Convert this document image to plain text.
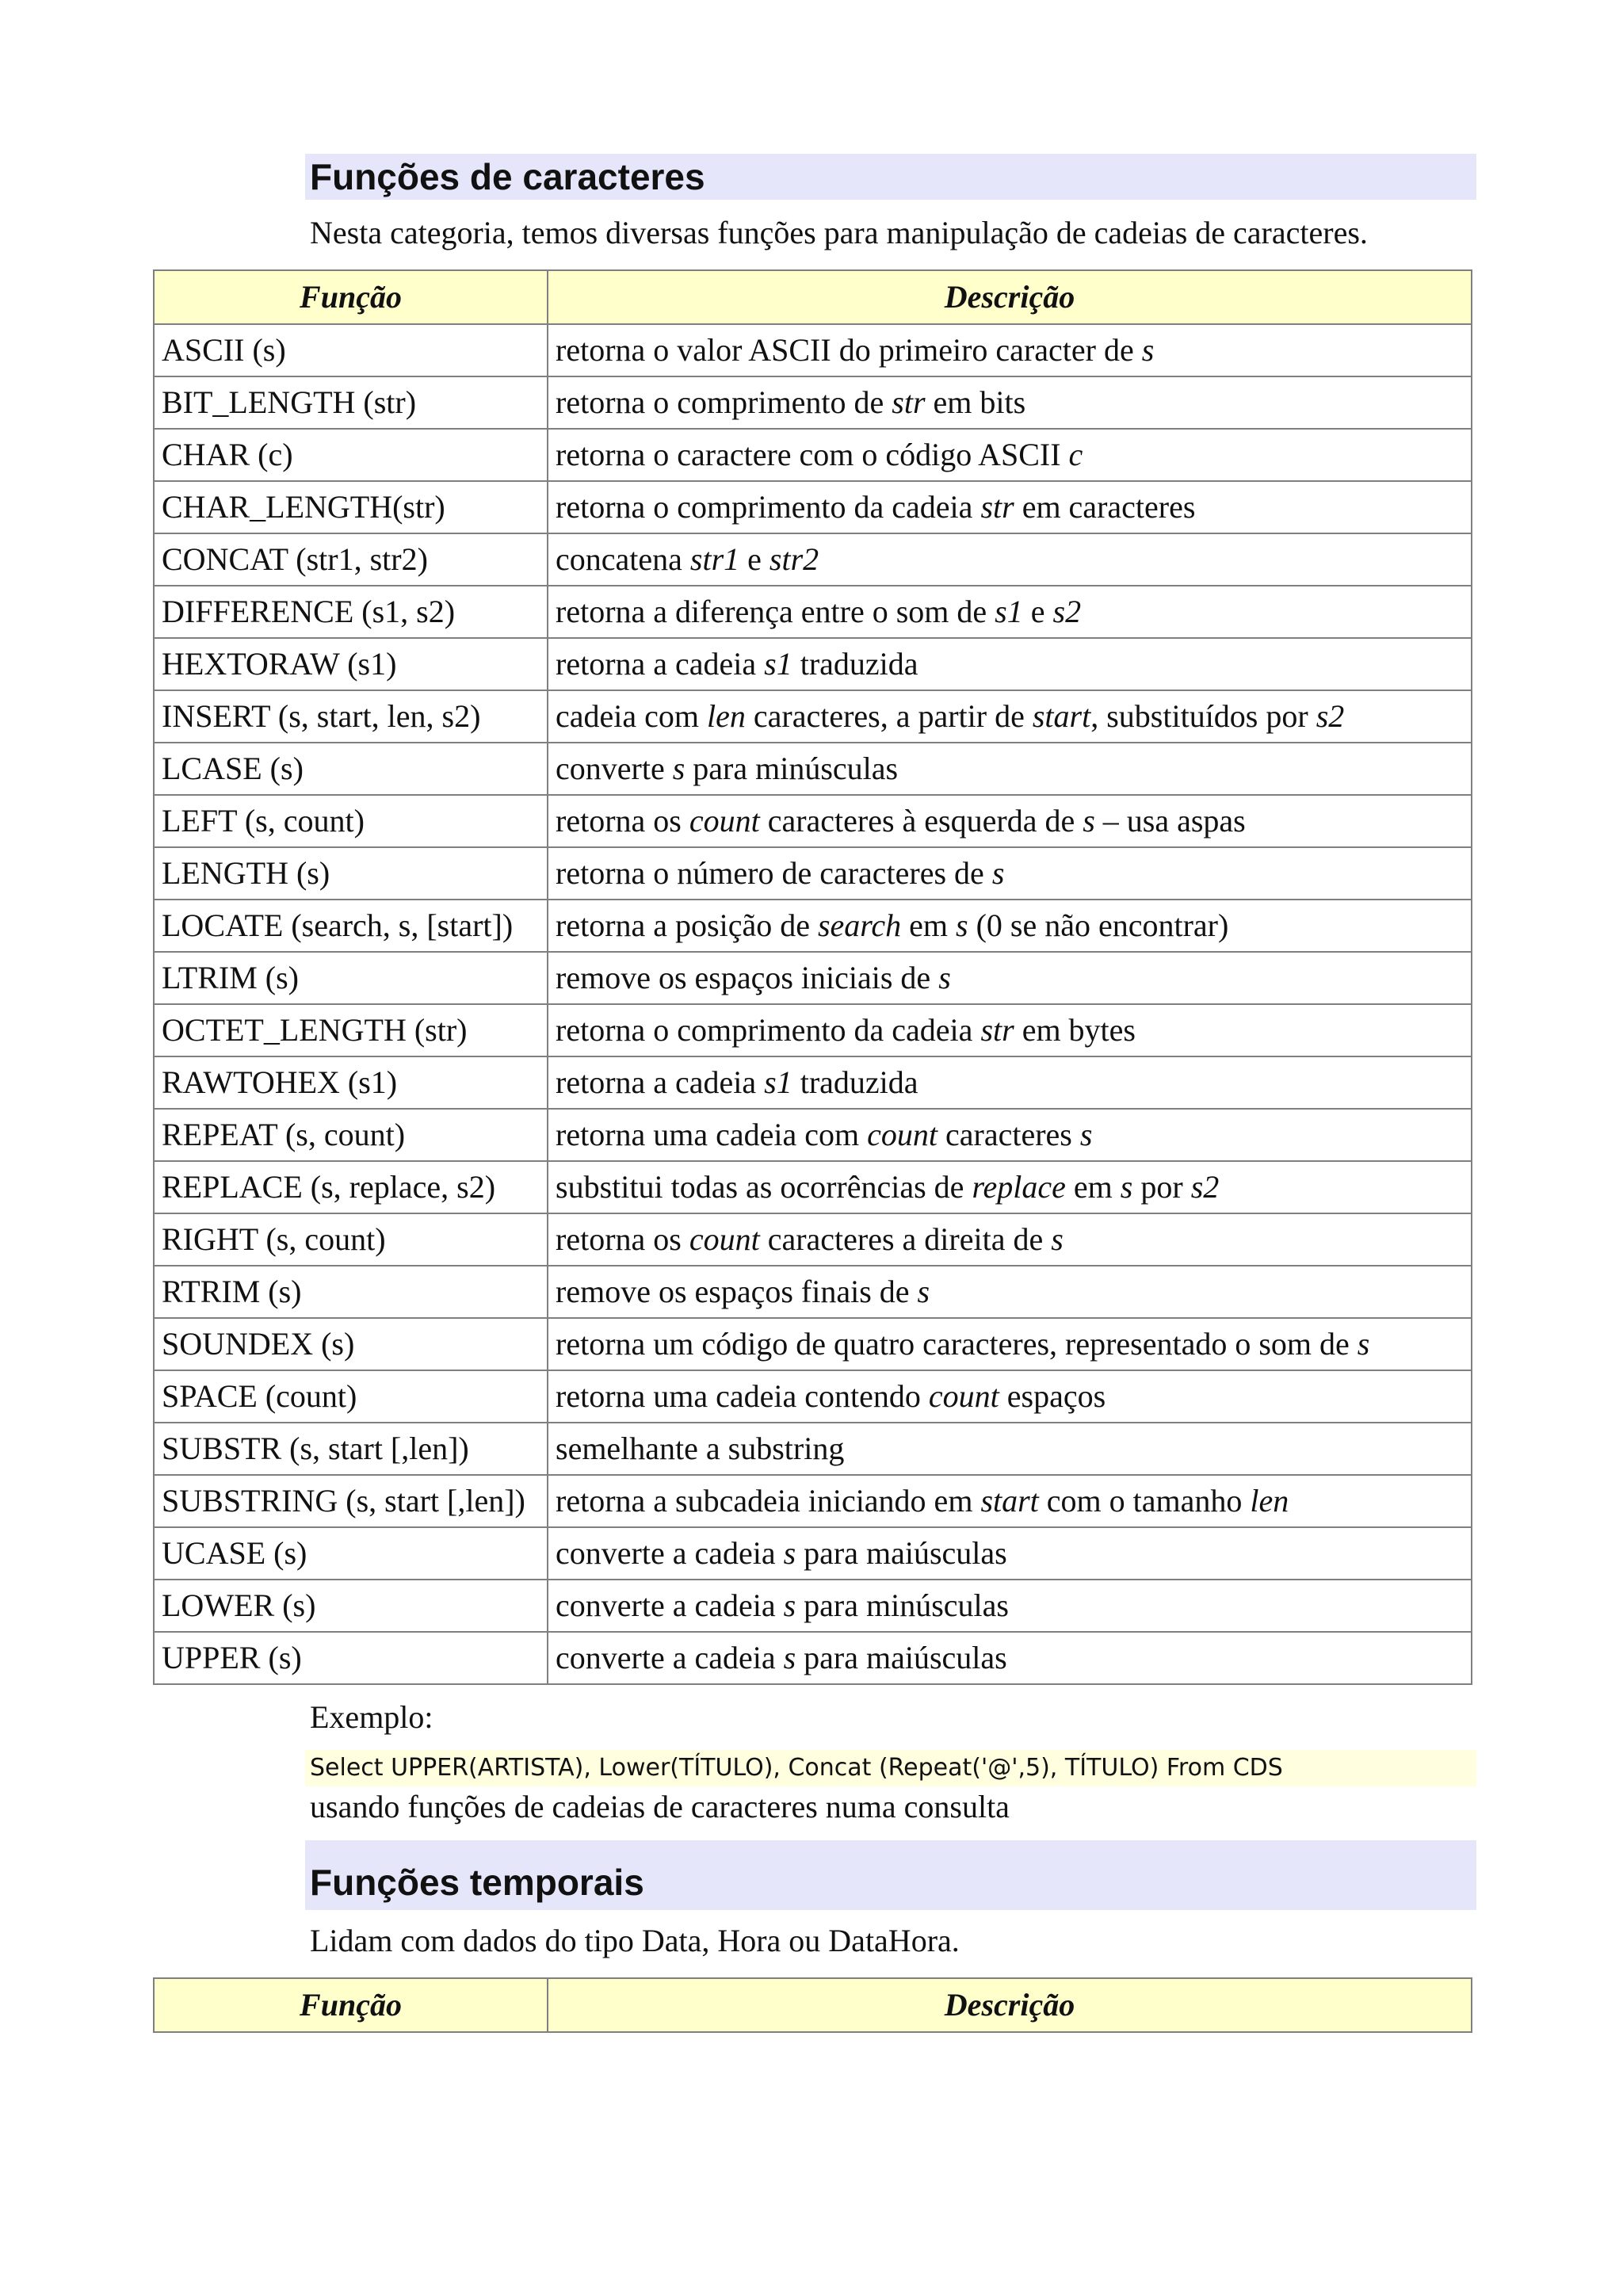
Funções de caracteres
Nesta categoria, temos diversas funções para manipulação de cadeias de caracteres.
Função	Descrição
ASCII (s)	retorna o valor ASCII do primeiro caracter de s
BIT_LENGTH (str)	retorna o comprimento de str em bits
CHAR (c)	retorna o caractere com o código ASCII c
CHAR_LENGTH(str)	retorna o comprimento da cadeia str em caracteres
CONCAT (str1, str2)	concatena str1 e str2
DIFFERENCE (s1, s2)	retorna a diferença entre o som de s1 e s2
HEXTORAW (s1)	retorna a cadeia s1 traduzida
INSERT (s, start, len, s2)	cadeia com len caracteres, a partir de start, substituídos por s2
LCASE (s)	converte s para minúsculas
LEFT (s, count)	retorna os count caracteres à esquerda de s – usa aspas
LENGTH (s)	retorna o número de caracteres de s
LOCATE (search, s, [start])	retorna a posição de search em s (0 se não encontrar)
LTRIM (s)	remove os espaços iniciais de s
OCTET_LENGTH (str)	retorna o comprimento da cadeia str em bytes
RAWTOHEX (s1)	retorna a cadeia s1 traduzida
REPEAT (s, count)	retorna uma cadeia com count caracteres s
REPLACE (s, replace, s2)	substitui todas as ocorrências de replace em s por s2
RIGHT (s, count)	retorna os count caracteres a direita de s
RTRIM (s)	remove os espaços finais de s
SOUNDEX (s)	retorna um código de quatro caracteres, representado o som de s
SPACE (count)	retorna uma cadeia contendo count espaços
SUBSTR (s, start [,len])	semelhante a substring
SUBSTRING (s, start [,len])	retorna a subcadeia iniciando em start com o tamanho len
UCASE (s)	converte a cadeia s para maiúsculas
LOWER (s)	converte a cadeia s para minúsculas
UPPER (s)	converte a cadeia s para maiúsculas
Exemplo:
Select UPPER(ARTISTA), Lower(TÍTULO), Concat (Repeat('@',5), TÍTULO) From CDS
usando funções de cadeias de caracteres numa consulta
Funções temporais
Lidam com dados do tipo Data, Hora ou DataHora.
Função	Descrição
